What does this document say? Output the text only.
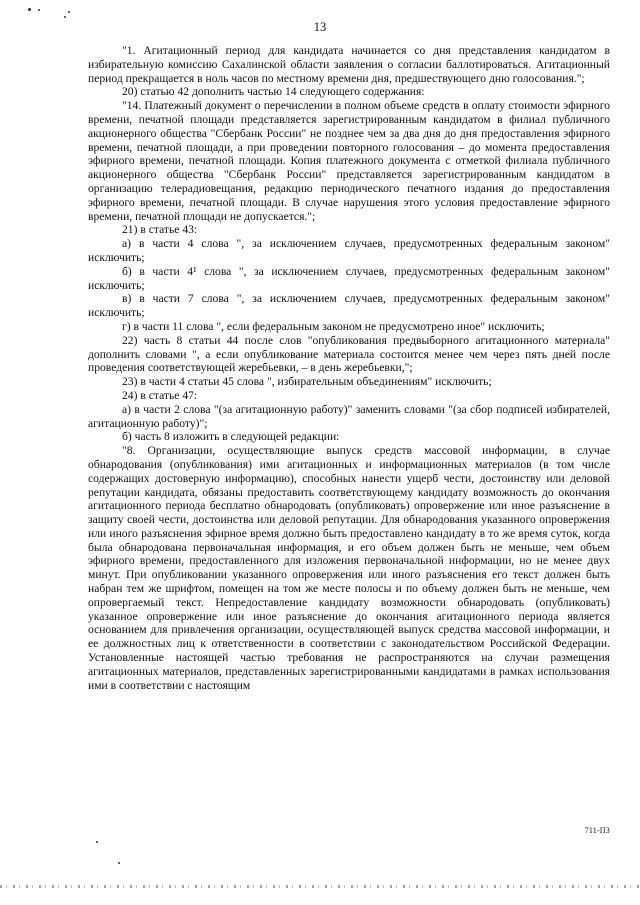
13

"1. Агитационный период для кандидата начинается со дня представления кандидатом в избирательную комиссию Сахалинской области заявления о согласии баллотироваться. Агитационный период прекращается в ноль часов по местному времени дня, предшествующего дню голосования.";

20) статью 42 дополнить частью 14 следующего содержания:

"14. Платежный документ о перечислении в полном объеме средств в оплату стоимости эфирного времени, печатной площади представляется зарегистрированным кандидатом в филиал публичного акционерного общества "Сбербанк России" не позднее чем за два дня до дня предоставления эфирного времени, печатной площади, а при проведении повторного голосования – до момента предоставления эфирного времени, печатной площади. Копия платежного документа с отметкой филиала публичного акционерного общества "Сбербанк России" представляется зарегистрированным кандидатом в организацию телерадиовещания, редакцию периодического печатного издания до предоставления эфирного времени, печатной площади. В случае нарушения этого условия предоставление эфирного времени, печатной площади не допускается.";

21) в статье 43:

а) в части 4 слова ", за исключением случаев, предусмотренных федеральным законом" исключить;

б) в части 4¹ слова ", за исключением случаев, предусмотренных федеральным законом" исключить;

в) в части 7 слова ", за исключением случаев, предусмотренных федеральным законом" исключить;

г) в части 11 слова ", если федеральным законом не предусмотрено иное" исключить;

22) часть 8 статьи 44 после слов "опубликования предвыборного агитационного материала" дополнить словами ", а если опубликование материала состоится менее чем через пять дней после проведения соответствующей жеребьевки, – в день жеребьевки,";

23) в части 4 статьи 45 слова ", избирательным объединениям" исключить;

24) в статье 47:

а) в части 2 слова "(за агитационную работу)" заменить словами "(за сбор подписей избирателей, агитационную работу)";

б) часть 8 изложить в следующей редакции:

"8. Организации, осуществляющие выпуск средств массовой информации, в случае обнародования (опубликования) ими агитационных и информационных материалов (в том числе содержащих достоверную информацию), способных нанести ущерб чести, достоинству или деловой репутации кандидата, обязаны предоставить соответствующему кандидату возможность до окончания агитационного периода бесплатно обнародовать (опубликовать) опровержение или иное разъяснение в защиту своей чести, достоинства или деловой репутации. Для обнародования указанного опровержения или иного разъяснения эфирное время должно быть предоставлено кандидату в то же время суток, когда была обнародована первоначальная информация, и его объем должен быть не меньше, чем объем эфирного времени, предоставленного для изложения первоначальной информации, но не менее двух минут. При опубликовании указанного опровержения или иного разъяснения его текст должен быть набран тем же шрифтом, помещен на том же месте полосы и по объему должен быть не меньше, чем опровергаемый текст. Непредоставление кандидату возможности обнародовать (опубликовать) указанное опровержение или иное разъяснение до окончания агитационного периода является основанием для привлечения организации, осуществляющей выпуск средства массовой информации, и ее должностных лиц к ответственности в соответствии с законодательством Российской Федерации. Установленные настоящей частью требования не распространяются на случаи размещения агитационных материалов, представленных зарегистрированными кандидатами в рамках использования ими в соответствии с настоящим

711-П3
